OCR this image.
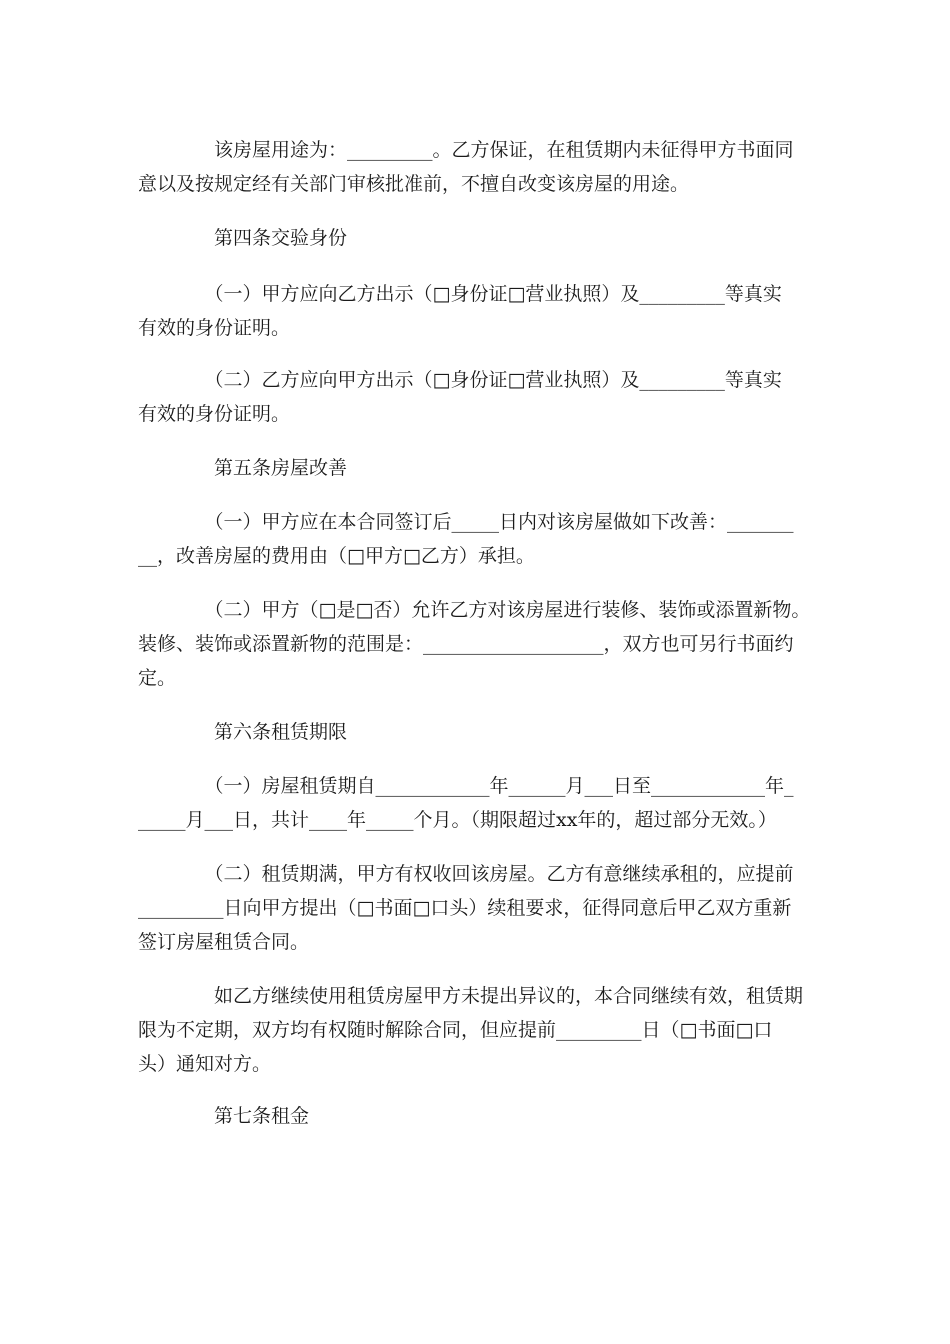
　　　　该房屋用途为：_________。乙方保证，在租赁期内未征得甲方书面同
意以及按规定经有关部门审核批准前，不擅自改变该房屋的用途。
　　　　第四条交验身份
　　　　（一）甲方应向乙方出示（□身份证□营业执照）及_________等真实
有效的身份证明。
　　　　（二）乙方应向甲方出示（□身份证□营业执照）及_________等真实
有效的身份证明。
　　　　第五条房屋改善
　　　　（一）甲方应在本合同签订后_____日内对该房屋做如下改善：_______
__，改善房屋的费用由（□甲方□乙方）承担。
　　　　（二）甲方（□是□否）允许乙方对该房屋进行装修、装饰或添置新物。
装修、装饰或添置新物的范围是：___________________，双方也可另行书面约
定。
　　　　第六条租赁期限
　　　　（一）房屋租赁期自____________年______月___日至____________年_
_____月___日，共计____年_____个月。（期限超过xx年的，超过部分无效。）
　　　　（二）租赁期满，甲方有权收回该房屋。乙方有意继续承租的，应提前
_________日向甲方提出（□书面□口头）续租要求，征得同意后甲乙双方重新
签订房屋租赁合同。
　　　　如乙方继续使用租赁房屋甲方未提出异议的，本合同继续有效，租赁期
限为不定期，双方均有权随时解除合同，但应提前_________日（□书面□口
头）通知对方。
　　　　第七条租金
